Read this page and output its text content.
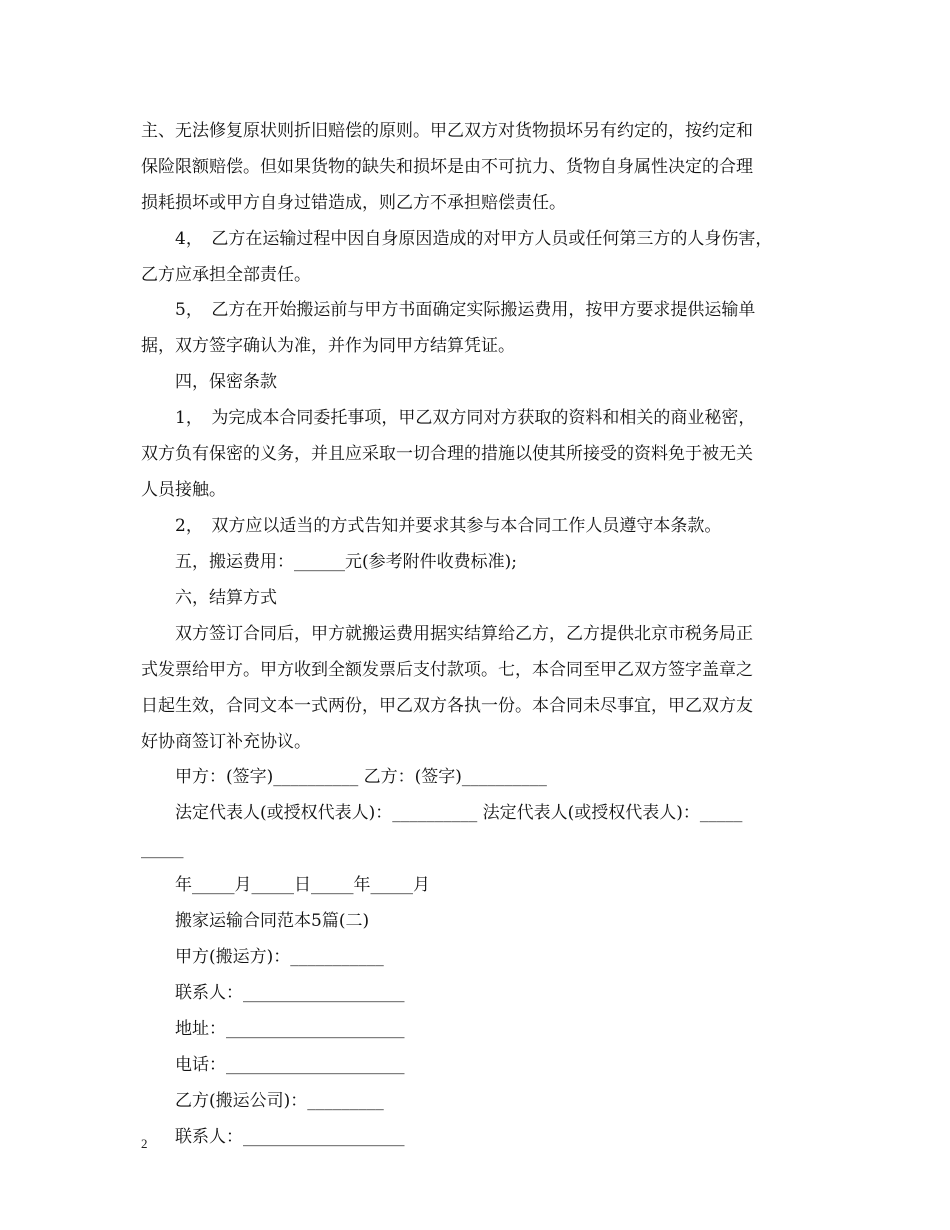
主、无法修复原状则折旧赔偿的原则。甲乙双方对货物损坏另有约定的，按约定和
保险限额赔偿。但如果货物的缺失和损坏是由不可抗力、货物自身属性决定的合理
损耗损坏或甲方自身过错造成，则乙方不承担赔偿责任。
4，　乙方在运输过程中因自身原因造成的对甲方人员或任何第三方的人身伤害，
乙方应承担全部责任。
5，　乙方在开始搬运前与甲方书面确定实际搬运费用，按甲方要求提供运输单
据，双方签字确认为准，并作为同甲方结算凭证。
四，保密条款
1，　为完成本合同委托事项，甲乙双方同对方获取的资料和相关的商业秘密，
双方负有保密的义务，并且应采取一切合理的措施以使其所接受的资料免于被无关
人员接触。
2，　双方应以适当的方式告知并要求其参与本合同工作人员遵守本条款。
五，搬运费用：______元(参考附件收费标准);
六，结算方式
双方签订合同后，甲方就搬运费用据实结算给乙方，乙方提供北京市税务局正
式发票给甲方。甲方收到全额发票后支付款项。七，本合同至甲乙双方签字盖章之
日起生效，合同文本一式两份，甲乙双方各执一份。本合同未尽事宜，甲乙双方友
好协商签订补充协议。
甲方：(签字)__________ 乙方：(签字)__________
法定代表人(或授权代表人)：__________ 法定代表人(或授权代表人)：_____
_____
年_____月_____日_____年_____月
搬家运输合同范本5篇(二)
甲方(搬运方)：___________
联系人：___________________
地址：_____________________
电话：_____________________
乙方(搬运公司)：_________
联系人：___________________
2
